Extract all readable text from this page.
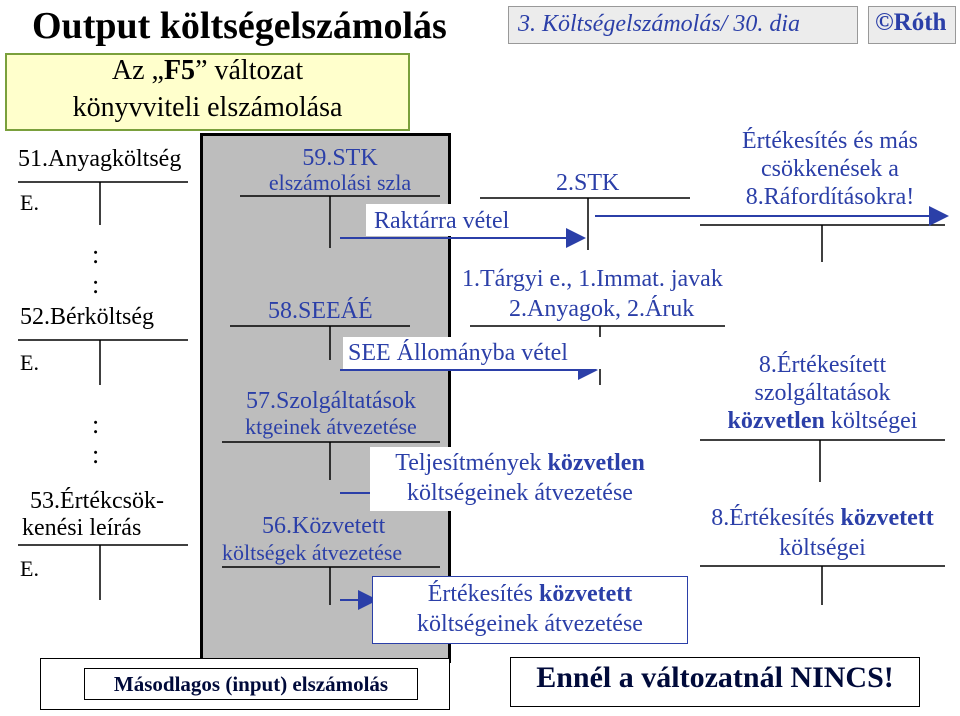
Output költségelszámolás	3. Költségelszámolás/ 30. dia	©Róth
Az „F5” változat
könyvviteli elszámolása
51.Anyagköltség
E.
:
:
52.Bérköltség
E.
:
:
53.Értékcsök-
kenési leírás
E.
59.STK
elszámolási szla
58.SEEÁÉ
57.Szolgáltatások
ktgeinek átvezetése
56.Közvetett
költségek átvezetése
Raktárra vétel
SEE Állományba vétel
Teljesítmények közvetlen
költségeinek átvezetése
Értékesítés közvetett
költségeinek átvezetése
2.STK
1.Tárgyi e., 1.Immat. javak
2.Anyagok, 2.Áruk
Értékesítés és más
csökkenések a
8.Ráfordításokra!
8.Értékesített
szolgáltatások
közvetlen költségei
8.Értékesítés közvetett
költségei
Másodlagos (input) elszámolás	Ennél a változatnál NINCS!
